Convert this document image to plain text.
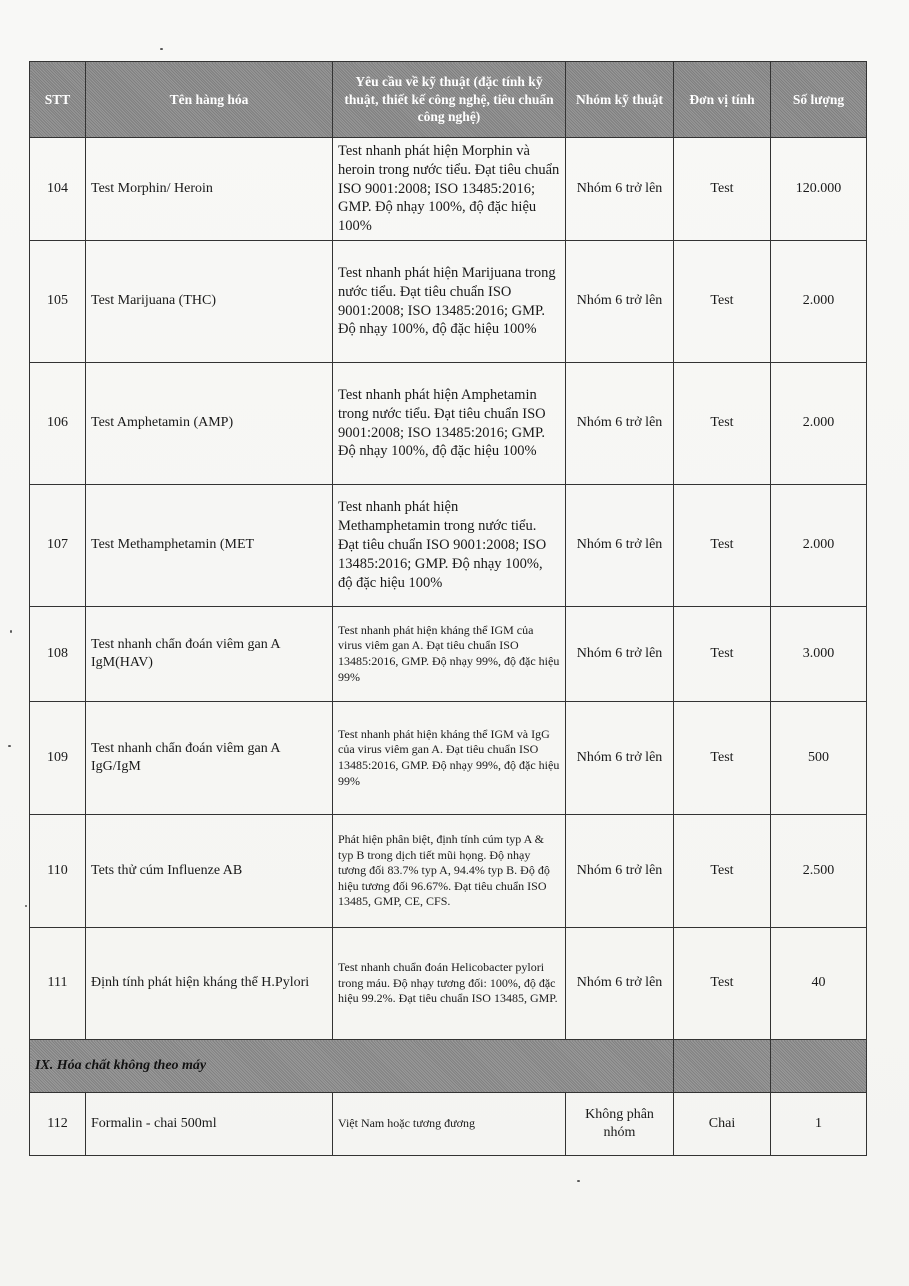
STT	Tên hàng hóa	Yêu cầu về kỹ thuật (đặc tính kỹ thuật, thiết kế công nghệ, tiêu chuẩn công nghệ)	Nhóm kỹ thuật	Đơn vị tính	Số lượng
104	Test Morphin/ Heroin	Test nhanh phát hiện Morphin và heroin trong nước tiểu. Đạt tiêu chuẩn ISO 9001:2008; ISO 13485:2016; GMP. Độ nhạy 100%, độ đặc hiệu 100%	Nhóm 6 trở lên	Test	120.000
105	Test Marijuana (THC)	Test nhanh phát hiện Marijuana trong nước tiểu. Đạt tiêu chuẩn ISO 9001:2008; ISO 13485:2016; GMP. Độ nhạy 100%, độ đặc hiệu 100%	Nhóm 6 trở lên	Test	2.000
106	Test Amphetamin (AMP)	Test nhanh phát hiện Amphetamin trong nước tiểu. Đạt tiêu chuẩn ISO 9001:2008; ISO 13485:2016; GMP. Độ nhạy 100%, độ đặc hiệu 100%	Nhóm 6 trở lên	Test	2.000
107	Test Methamphetamin (MET	Test nhanh phát hiện Methamphetamin trong nước tiểu. Đạt tiêu chuẩn ISO 9001:2008; ISO 13485:2016; GMP. Độ nhạy 100%, độ đặc hiệu 100%	Nhóm 6 trở lên	Test	2.000
108	Test nhanh chẩn đoán viêm gan A IgM(HAV)	Test nhanh phát hiện kháng thể IGM của virus viêm gan A. Đạt tiêu chuẩn ISO 13485:2016, GMP. Độ nhạy 99%, độ đặc hiệu 99%	Nhóm 6 trở lên	Test	3.000
109	Test nhanh chẩn đoán viêm gan A IgG/IgM	Test nhanh phát hiện kháng thể IGM và IgG của virus viêm gan A. Đạt tiêu chuẩn ISO 13485:2016, GMP. Độ nhạy 99%, độ đặc hiệu 99%	Nhóm 6 trở lên	Test	500
110	Tets thử cúm Influenze AB	Phát hiện phân biệt, định tính cúm typ A & typ B trong dịch tiết mũi họng. Độ nhạy tương đối 83.7% typ A, 94.4% typ B. Độ độ hiệu tương đối 96.67%. Đạt tiêu chuẩn ISO 13485, GMP, CE, CFS.	Nhóm 6 trở lên	Test	2.500
111	Định tính phát hiện kháng thể H.Pylori	Test nhanh chuẩn đoán Helicobacter pylori trong máu. Độ nhạy tương đối: 100%, độ đặc hiệu 99.2%. Đạt tiêu chuẩn ISO 13485, GMP.	Nhóm 6 trở lên	Test	40
IX. Hóa chất không theo máy					
112	Formalin - chai 500ml	Việt Nam hoặc tương đương	Không phân nhóm	Chai	1
